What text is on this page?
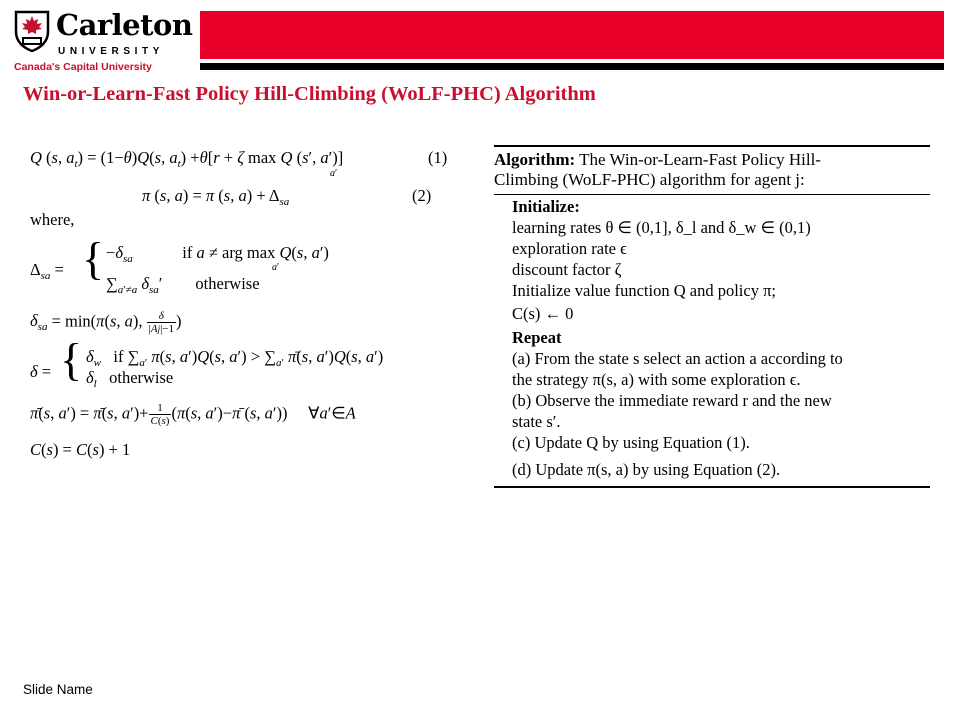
Carleton
UNIVERSITY
Canada's Capital University
Win-or-Learn-Fast Policy Hill-Climbing (WoLF-PHC) Algorithm
Q (s, $a_t) = (1-\theta)Q(s$, $a_t) +\theta[r + \zeta$ max Q (s′, a′)]
a′
(1)
π (s, a) = π (s, $a) + \Delta_{sa}$	(2)
where,
$\Delta_{sa}$ = { $-\delta_{sa}$            if a ≠ arg max Q(s, a′)
a′
$\sum_{a'\ne a}$ $\delta_{sa}'$        otherwise
$\delta_{sa} = \min(\pi(s$, a), $\frac{\delta}{|Aj|-1}$ )
δ = { $\delta_w$   if $\sum_{a'}$ π(s, a′)Q(s, $a') > \sum_{a'}$ π̄(s, a′)Q(s, a′)
$\delta_l$   otherwise
π̄(s, a′) = π̄(s, $a')+ \frac{1}{C(s)} (\pi(s$, a′)−π̄ (s, a′))     ∀a′∈A
C(s) = C(s) + 1
Algorithm: The Win-or-Learn-Fast Policy Hill-
Climbing (WoLF-PHC) algorithm for agent j:
Initialize:
learning rates θ ∈ (0,1], δ_l and δ_w ∈ (0,1)
exploration rate ϵ
discount factor ζ
Initialize value function Q and policy π;
C(s) ← 0
Repeat
(a) From the state s select an action a according to
the strategy π(s, a) with some exploration ϵ.
(b) Observe the immediate reward r and the new
state s′.
(c) Update Q by using Equation (1).
(d) Update π(s, a) by using Equation (2).
Slide Name
